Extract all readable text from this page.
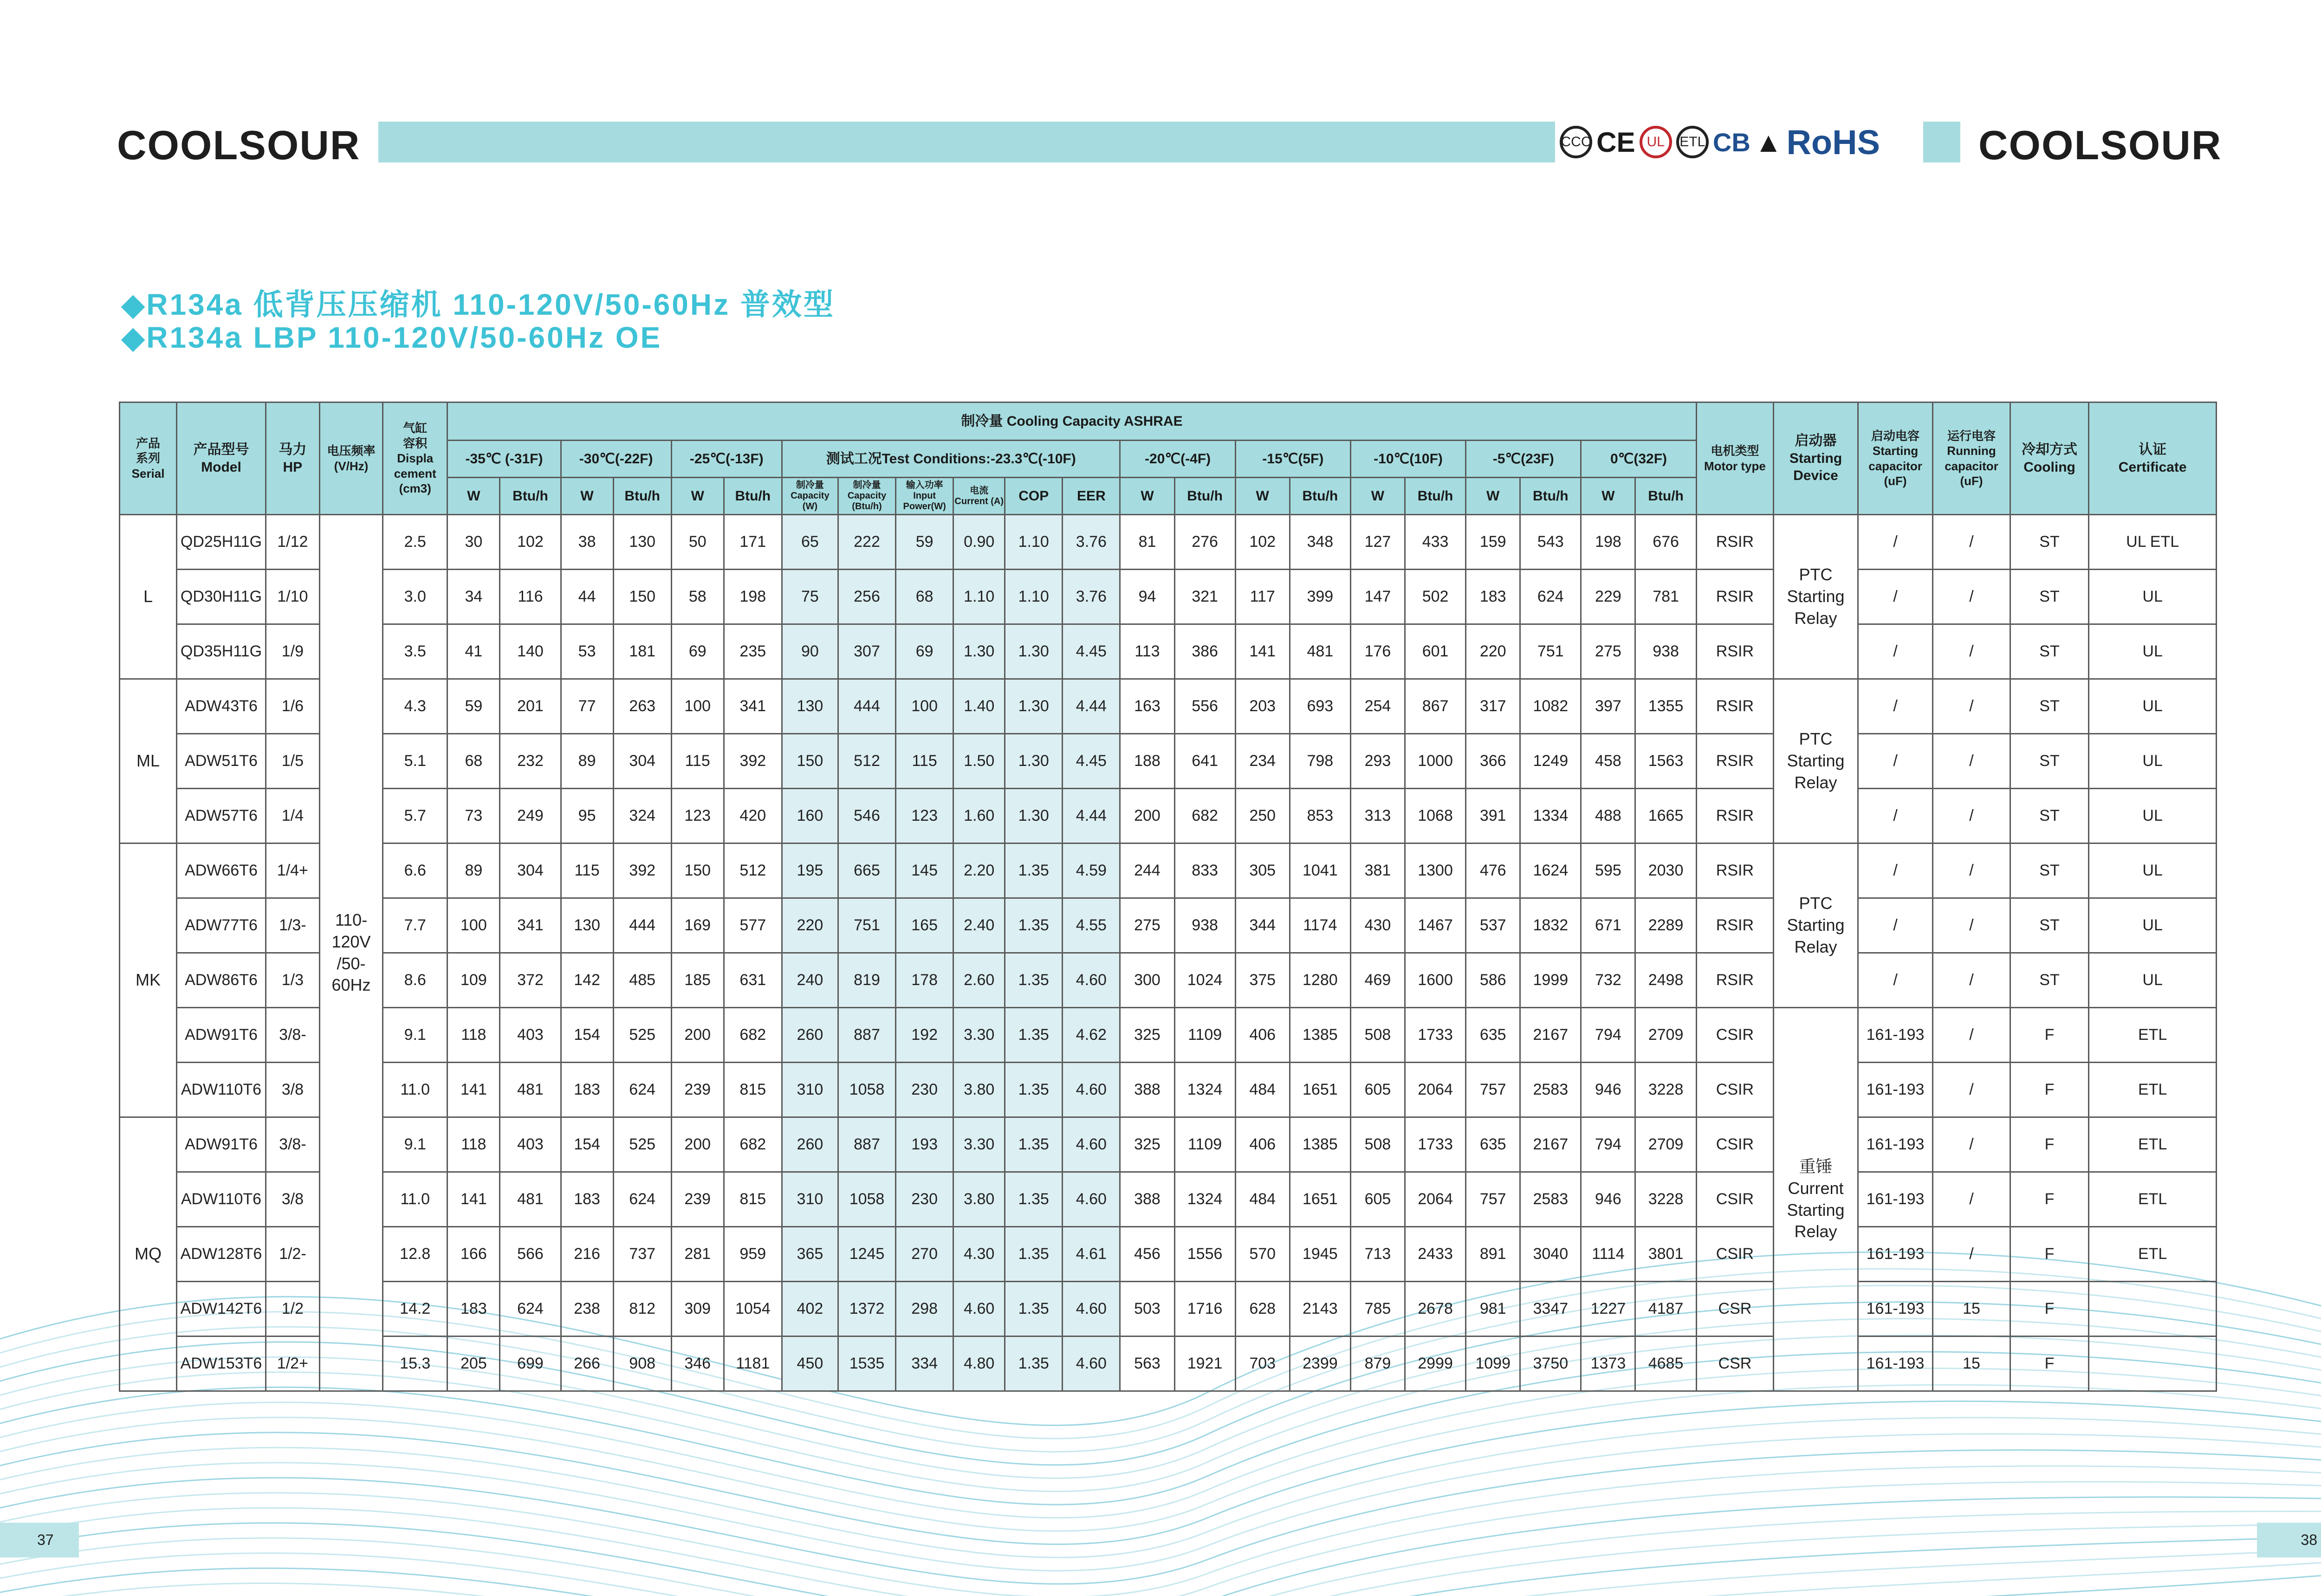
COOLSOUR	CCC CE UL	ETL CB ▲ RoHS COOLSOUR
◆R134a 低背压压缩机 110-120V/50-60Hz 普效型
◆R134a LBP 110-120V/50-60Hz OE
产品
系列
Serial	产品型号
Model	马力
HP	电压频率
(V/Hz)	气缸
容积
Displa
cement
(cm3)	制冷量 Cooling Capacity ASHRAE																						电机类型
Motor type	启动器
Starting
Device	启动电容
Starting
capacitor
(uF)	运行电容
Running
capacitor
(uF)	冷却方式
Cooling	认证
Certificate
					-35℃ (-31F)		-30℃(-22F)		-25℃(-13F)		测试工况Test Conditions:-23.3℃(-10F)						-20℃(-4F)		-15℃(5F)		-10℃(10F)		-5℃(23F)		0℃(32F)							
					W	Btu/h	W	Btu/h	W	Btu/h	制冷量
Capacity (W)	制冷量
Capacity (Btu/h)	输入功率
Input Power(W)	电流
Current (A)	COP	EER	W	Btu/h	W	Btu/h	W	Btu/h	W	Btu/h	W	Btu/h						
L	QD25H11G	1/12	110-
120V
/50-
60Hz	2.5	30	102	38	130	50	171	65	222	59	0.90	1.10	3.76	81	276	102	348	127	433	159	543	198	676	RSIR	PTC
Starting
Relay	/	/	ST	UL ETL
	QD30H11G	1/10		3.0	34	116	44	150	58	198	75	256	68	1.10	1.10	3.76	94	321	117	399	147	502	183	624	229	781	RSIR		/	/	ST	UL
	QD35H11G	1/9		3.5	41	140	53	181	69	235	90	307	69	1.30	1.30	4.45	113	386	141	481	176	601	220	751	275	938	RSIR		/	/	ST	UL
ML	ADW43T6	1/6		4.3	59	201	77	263	100	341	130	444	100	1.40	1.30	4.44	163	556	203	693	254	867	317	1082	397	1355	RSIR	PTC
Starting
Relay	/	/	ST	UL
	ADW51T6	1/5		5.1	68	232	89	304	115	392	150	512	115	1.50	1.30	4.45	188	641	234	798	293	1000	366	1249	458	1563	RSIR		/	/	ST	UL
	ADW57T6	1/4		5.7	73	249	95	324	123	420	160	546	123	1.60	1.30	4.44	200	682	250	853	313	1068	391	1334	488	1665	RSIR		/	/	ST	UL
MK	ADW66T6	1/4+		6.6	89	304	115	392	150	512	195	665	145	2.20	1.35	4.59	244	833	305	1041	381	1300	476	1624	595	2030	RSIR	PTC
Starting
Relay	/	/	ST	UL
	ADW77T6	1/3-		7.7	100	341	130	444	169	577	220	751	165	2.40	1.35	4.55	275	938	344	1174	430	1467	537	1832	671	2289	RSIR		/	/	ST	UL
	ADW86T6	1/3		8.6	109	372	142	485	185	631	240	819	178	2.60	1.35	4.60	300	1024	375	1280	469	1600	586	1999	732	2498	RSIR		/	/	ST	UL
	ADW91T6	3/8-		9.1	118	403	154	525	200	682	260	887	192	3.30	1.35	4.62	325	1109	406	1385	508	1733	635	2167	794	2709	CSIR	重锤
Current
Starting
Relay	161-193	/	F	ETL
	ADW110T6	3/8		11.0	141	481	183	624	239	815	310	1058	230	3.80	1.35	4.60	388	1324	484	1651	605	2064	757	2583	946	3228	CSIR		161-193	/	F	ETL
MQ	ADW91T6	3/8-		9.1	118	403	154	525	200	682	260	887	193	3.30	1.35	4.60	325	1109	406	1385	508	1733	635	2167	794	2709	CSIR		161-193	/	F	ETL
	ADW110T6	3/8		11.0	141	481	183	624	239	815	310	1058	230	3.80	1.35	4.60	388	1324	484	1651	605	2064	757	2583	946	3228	CSIR		161-193	/	F	ETL
	ADW128T6	1/2-		12.8	166	566	216	737	281	959	365	1245	270	4.30	1.35	4.61	456	1556	570	1945	713	2433	891	3040	1114	3801	CSIR		161-193	/	F	ETL
	ADW142T6	1/2		14.2	183	624	238	812	309	1054	402	1372	298	4.60	1.35	4.60	503	1716	628	2143	785	2678	981	3347	1227	4187	CSR		161-193	15	F	
	ADW153T6	1/2+		15.3	205	699	266	908	346	1181	450	1535	334	4.80	1.35	4.60	563	1921	703	2399	879	2999	1099	3750	1373	4685	CSR		161-193	15	F	
37	38
